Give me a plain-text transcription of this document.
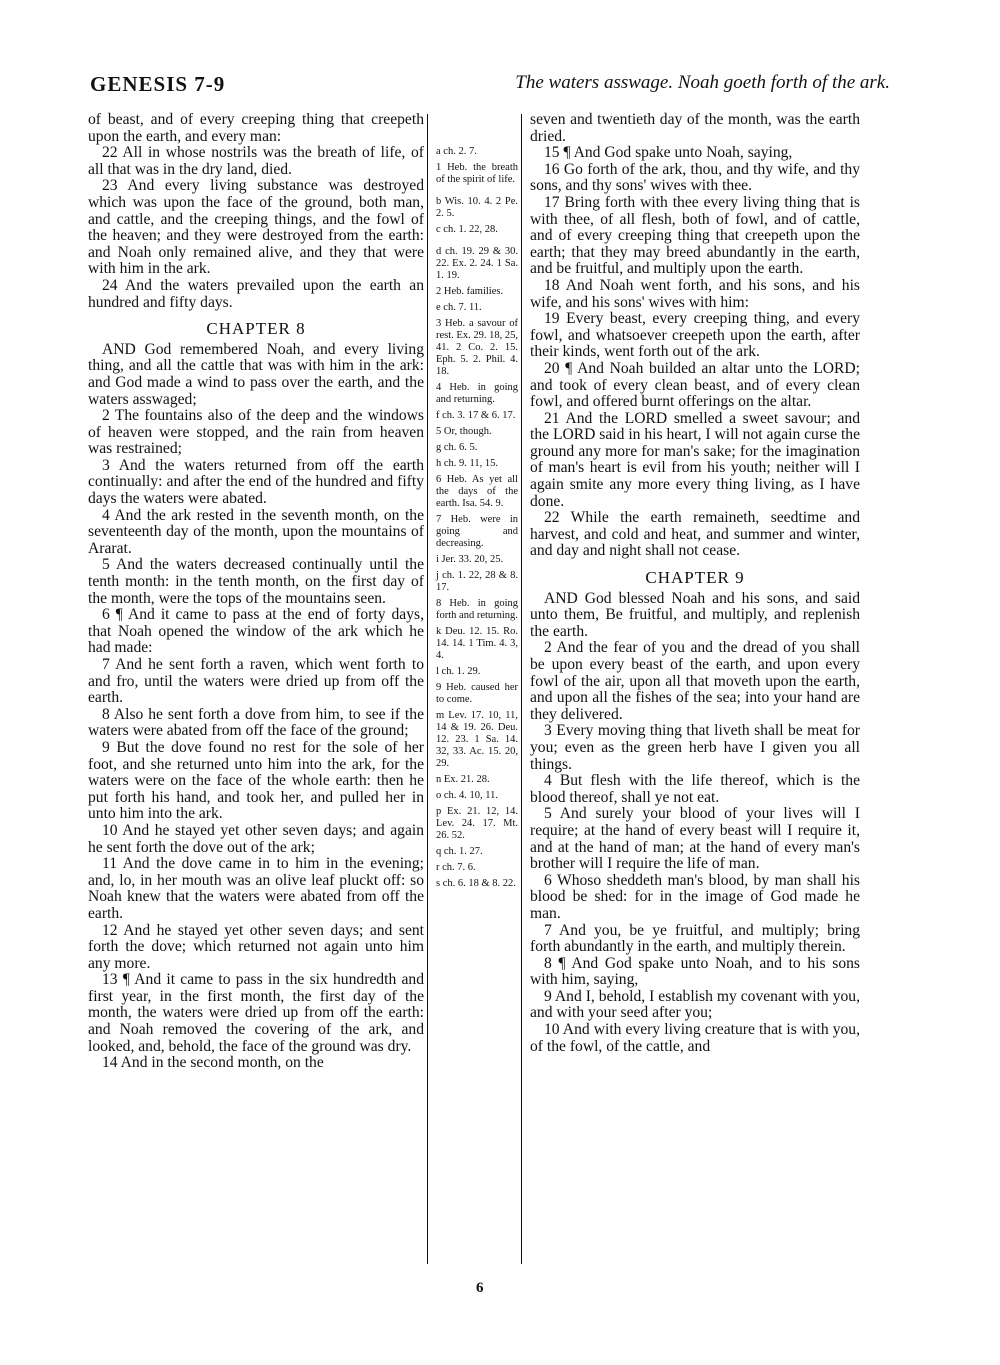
GENESIS 7-9	The waters asswage. Noah goeth forth of the ark.

of beast, and of every creeping thing that creepeth upon the earth, and every man:

22 All in whose nostrils was the breath of life, of all that was in the dry land, died.

23 And every living substance was destroyed which was upon the face of the ground, both man, and cattle, and the creeping things, and the fowl of the heaven; and they were destroyed from the earth: and Noah only remained alive, and they that were with him in the ark.

24 And the waters prevailed upon the earth an hundred and fifty days.

CHAPTER 8

AND God remembered Noah, and every living thing, and all the cattle that was with him in the ark: and God made a wind to pass over the earth, and the waters asswaged;

2 The fountains also of the deep and the windows of heaven were stopped, and the rain from heaven was restrained;

3 And the waters returned from off the earth continually: and after the end of the hundred and fifty days the waters were abated.

4 And the ark rested in the seventh month, on the seventeenth day of the month, upon the mountains of Ararat.

5 And the waters decreased continually until the tenth month: in the tenth month, on the first day of the month, were the tops of the mountains seen.

6 ¶ And it came to pass at the end of forty days, that Noah opened the window of the ark which he had made:

7 And he sent forth a raven, which went forth to and fro, until the waters were dried up from off the earth.

8 Also he sent forth a dove from him, to see if the waters were abated from off the face of the ground;

9 But the dove found no rest for the sole of her foot, and she returned unto him into the ark, for the waters were on the face of the whole earth: then he put forth his hand, and took her, and pulled her in unto him into the ark.

10 And he stayed yet other seven days; and again he sent forth the dove out of the ark;

11 And the dove came in to him in the evening; and, lo, in her mouth was an olive leaf pluckt off: so Noah knew that the waters were abated from off the earth.

12 And he stayed yet other seven days; and sent forth the dove; which returned not again unto him any more.

13 ¶ And it came to pass in the six hundredth and first year, in the first month, the first day of the month, the waters were dried up from off the earth: and Noah removed the covering of the ark, and looked, and, behold, the face of the ground was dry.

14 And in the second month, on the

a ch. 2. 7.
1 Heb. the breath of the spirit of life.
b Wis. 10. 4. 2 Pe. 2. 5.
c ch. 1. 22, 28.
d ch. 19. 29 & 30. 22. Ex. 2. 24. 1 Sa. 1. 19.
2 Heb. families.
e ch. 7. 11.
3 Heb. a savour of rest. Ex. 29. 18, 25, 41. 2 Co. 2. 15. Eph. 5. 2. Phil. 4. 18.
4 Heb. in going and returning.
f ch. 3. 17 & 6. 17.
5 Or, though.
g ch. 6. 5.
h ch. 9. 11, 15.
6 Heb. As yet all the days of the earth. Isa. 54. 9.
7 Heb. were in going and decreasing.
i Jer. 33. 20, 25.
j ch. 1. 22, 28 & 8. 17.
8 Heb. in going forth and returning.
k Deu. 12. 15. Ro. 14. 14. 1 Tim. 4. 3, 4.
l ch. 1. 29.
9 Heb. caused her to come.
m Lev. 17. 10, 11, 14 & 19. 26. Deu. 12. 23. 1 Sa. 14. 32, 33. Ac. 15. 20, 29.
n Ex. 21. 28.
o ch. 4. 10, 11.
p Ex. 21. 12, 14. Lev. 24. 17. Mt. 26. 52.
q ch. 1. 27.
r ch. 7. 6.
s ch. 6. 18 & 8. 22.

seven and twentieth day of the month, was the earth dried.

15 ¶ And God spake unto Noah, saying,

16 Go forth of the ark, thou, and thy wife, and thy sons, and thy sons' wives with thee.

17 Bring forth with thee every living thing that is with thee, of all flesh, both of fowl, and of cattle, and of every creeping thing that creepeth upon the earth; that they may breed abundantly in the earth, and be fruitful, and multiply upon the earth.

18 And Noah went forth, and his sons, and his wife, and his sons' wives with him:

19 Every beast, every creeping thing, and every fowl, and whatsoever creepeth upon the earth, after their kinds, went forth out of the ark.

20 ¶ And Noah builded an altar unto the LORD; and took of every clean beast, and of every clean fowl, and offered burnt offerings on the altar.

21 And the LORD smelled a sweet savour; and the LORD said in his heart, I will not again curse the ground any more for man's sake; for the imagination of man's heart is evil from his youth; neither will I again smite any more every thing living, as I have done.

22 While the earth remaineth, seedtime and harvest, and cold and heat, and summer and winter, and day and night shall not cease.

CHAPTER 9

AND God blessed Noah and his sons, and said unto them, Be fruitful, and multiply, and replenish the earth.

2 And the fear of you and the dread of you shall be upon every beast of the earth, and upon every fowl of the air, upon all that moveth upon the earth, and upon all the fishes of the sea; into your hand are they delivered.

3 Every moving thing that liveth shall be meat for you; even as the green herb have I given you all things.

4 But flesh with the life thereof, which is the blood thereof, shall ye not eat.

5 And surely your blood of your lives will I require; at the hand of every beast will I require it, and at the hand of man; at the hand of every man's brother will I require the life of man.

6 Whoso sheddeth man's blood, by man shall his blood be shed: for in the image of God made he man.

7 And you, be ye fruitful, and multiply; bring forth abundantly in the earth, and multiply therein.

8 ¶ And God spake unto Noah, and to his sons with him, saying,

9 And I, behold, I establish my covenant with you, and with your seed after you;

10 And with every living creature that is with you, of the fowl, of the cattle, and

6
